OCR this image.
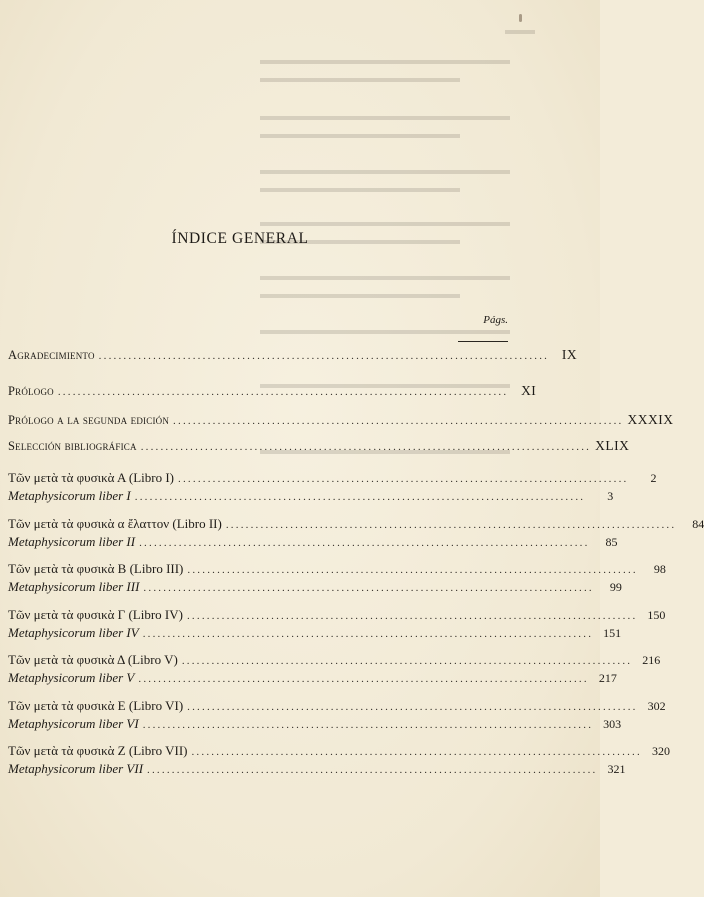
ÍNDICE GENERAL
Págs.
Agradecimiento ........................................................................................... IX
Prólogo ........................................................................................... XI
Prólogo a la segunda edición ........................................................................................... XXXIX
Selección bibliográfica ........................................................................................... XLIX
Τῶν μετὰ τὰ φυσικὰ Α (Libro I) ...........................................................................................	2
Metaphysicorum liber I ...........................................................................................	3
Τῶν μετὰ τὰ φυσικὰ α ἔλαττον (Libro II) ...........................................................................................	84
Metaphysicorum liber II ...........................................................................................	85
Τῶν μετὰ τὰ φυσικὰ Β (Libro III) ...........................................................................................	98
Metaphysicorum liber III ...........................................................................................	99
Τῶν μετὰ τὰ φυσικὰ Γ (Libro IV) ........................................................................................... 150
Metaphysicorum liber IV ........................................................................................... 151
Τῶν μετὰ τὰ φυσικὰ Δ (Libro V) ........................................................................................... 216
Metaphysicorum liber V ........................................................................................... 217
Τῶν μετὰ τὰ φυσικὰ Ε (Libro VI) ........................................................................................... 302
Metaphysicorum liber VI ........................................................................................... 303
Τῶν μετὰ τὰ φυσικὰ Ζ (Libro VII) ........................................................................................... 320
Metaphysicorum liber VII ........................................................................................... 321
